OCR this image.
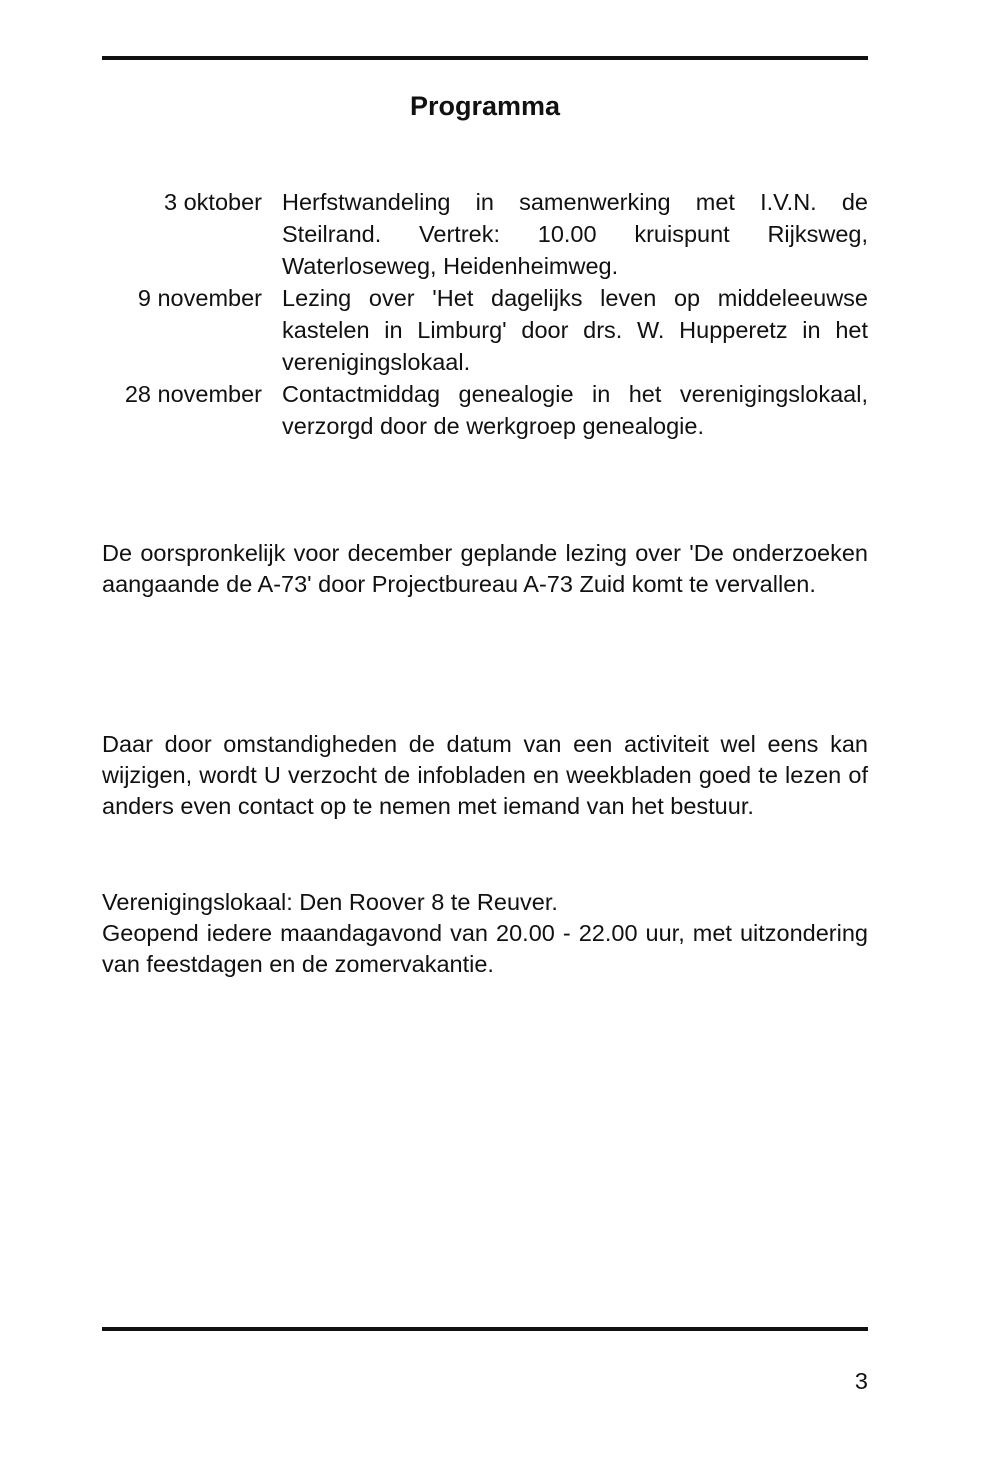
Programma
3 oktober Herfstwandeling in samenwerking met I.V.N. de Steilrand. Vertrek: 10.00 kruispunt Rijksweg, Waterloseweg, Heidenheimweg.
9 november Lezing over 'Het dagelijks leven op middeleeuwse kastelen in Limburg' door drs. W. Hupperetz in het verenigingslokaal.
28 november Contactmiddag genealogie in het verenigingslokaal, verzorgd door de werkgroep genealogie.

De oorspronkelijk voor december geplande lezing over 'De onderzoeken aangaande de A-73' door Projectbureau A-73 Zuid komt te vervallen.

Daar door omstandigheden de datum van een activiteit wel eens kan wijzigen, wordt U verzocht de infobladen en weekbladen goed te lezen of anders even contact op te nemen met iemand van het bestuur.

Verenigingslokaal: Den Roover 8 te Reuver.
Geopend iedere maandagavond van 20.00 - 22.00 uur, met uitzondering van feestdagen en de zomervakantie.
3
